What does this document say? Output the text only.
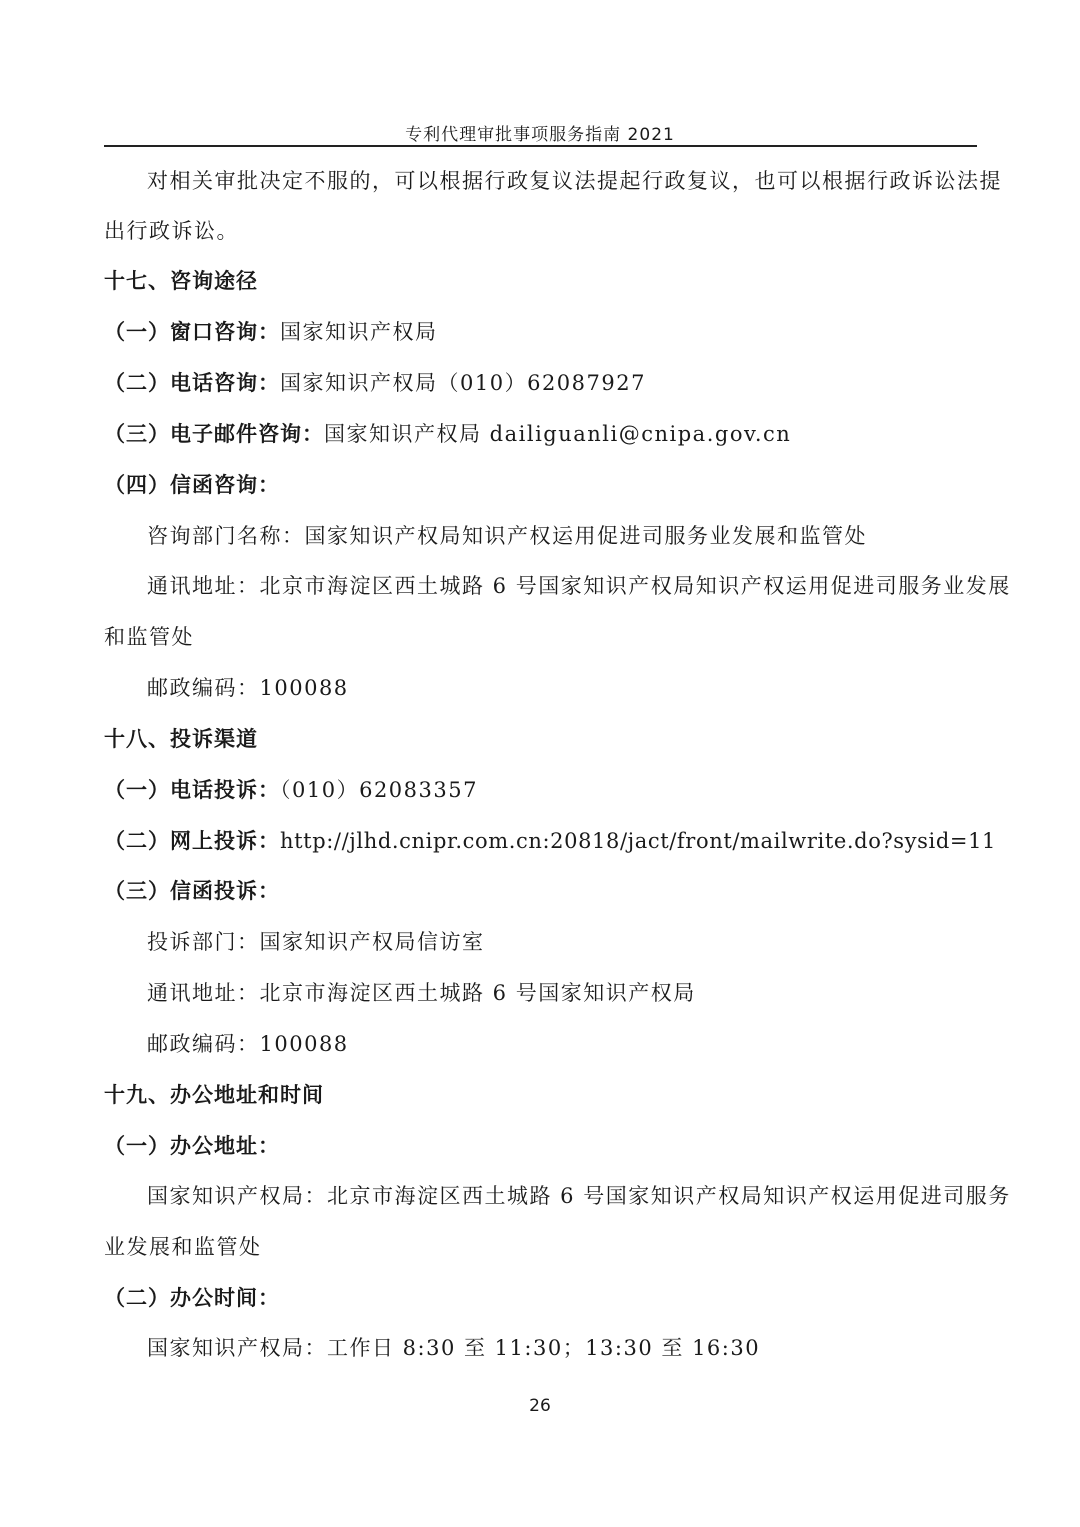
专利代理审批事项服务指南 2021
对相关审批决定不服的，可以根据行政复议法提起行政复议，也可以根据行政诉讼法提
出行政诉讼。
十七、咨询途径
（一）窗口咨询：国家知识产权局
（二）电话咨询：国家知识产权局（010）62087927
（三）电子邮件咨询：国家知识产权局 dailiguanli@cnipa.gov.cn
（四）信函咨询：
咨询部门名称：国家知识产权局知识产权运用促进司服务业发展和监管处
通讯地址：北京市海淀区西土城路 6 号国家知识产权局知识产权运用促进司服务业发展
和监管处
邮政编码：100088
十八、投诉渠道
（一）电话投诉：（010）62083357
（二）网上投诉：http://jlhd.cnipr.com.cn:20818/jact/front/mailwrite.do?sysid=11
（三）信函投诉：
投诉部门：国家知识产权局信访室
通讯地址：北京市海淀区西土城路 6 号国家知识产权局
邮政编码：100088
十九、办公地址和时间
（一）办公地址：
国家知识产权局：北京市海淀区西土城路 6 号国家知识产权局知识产权运用促进司服务
业发展和监管处
（二）办公时间：
国家知识产权局：工作日 8:30 至 11:30；13:30 至 16:30
26
